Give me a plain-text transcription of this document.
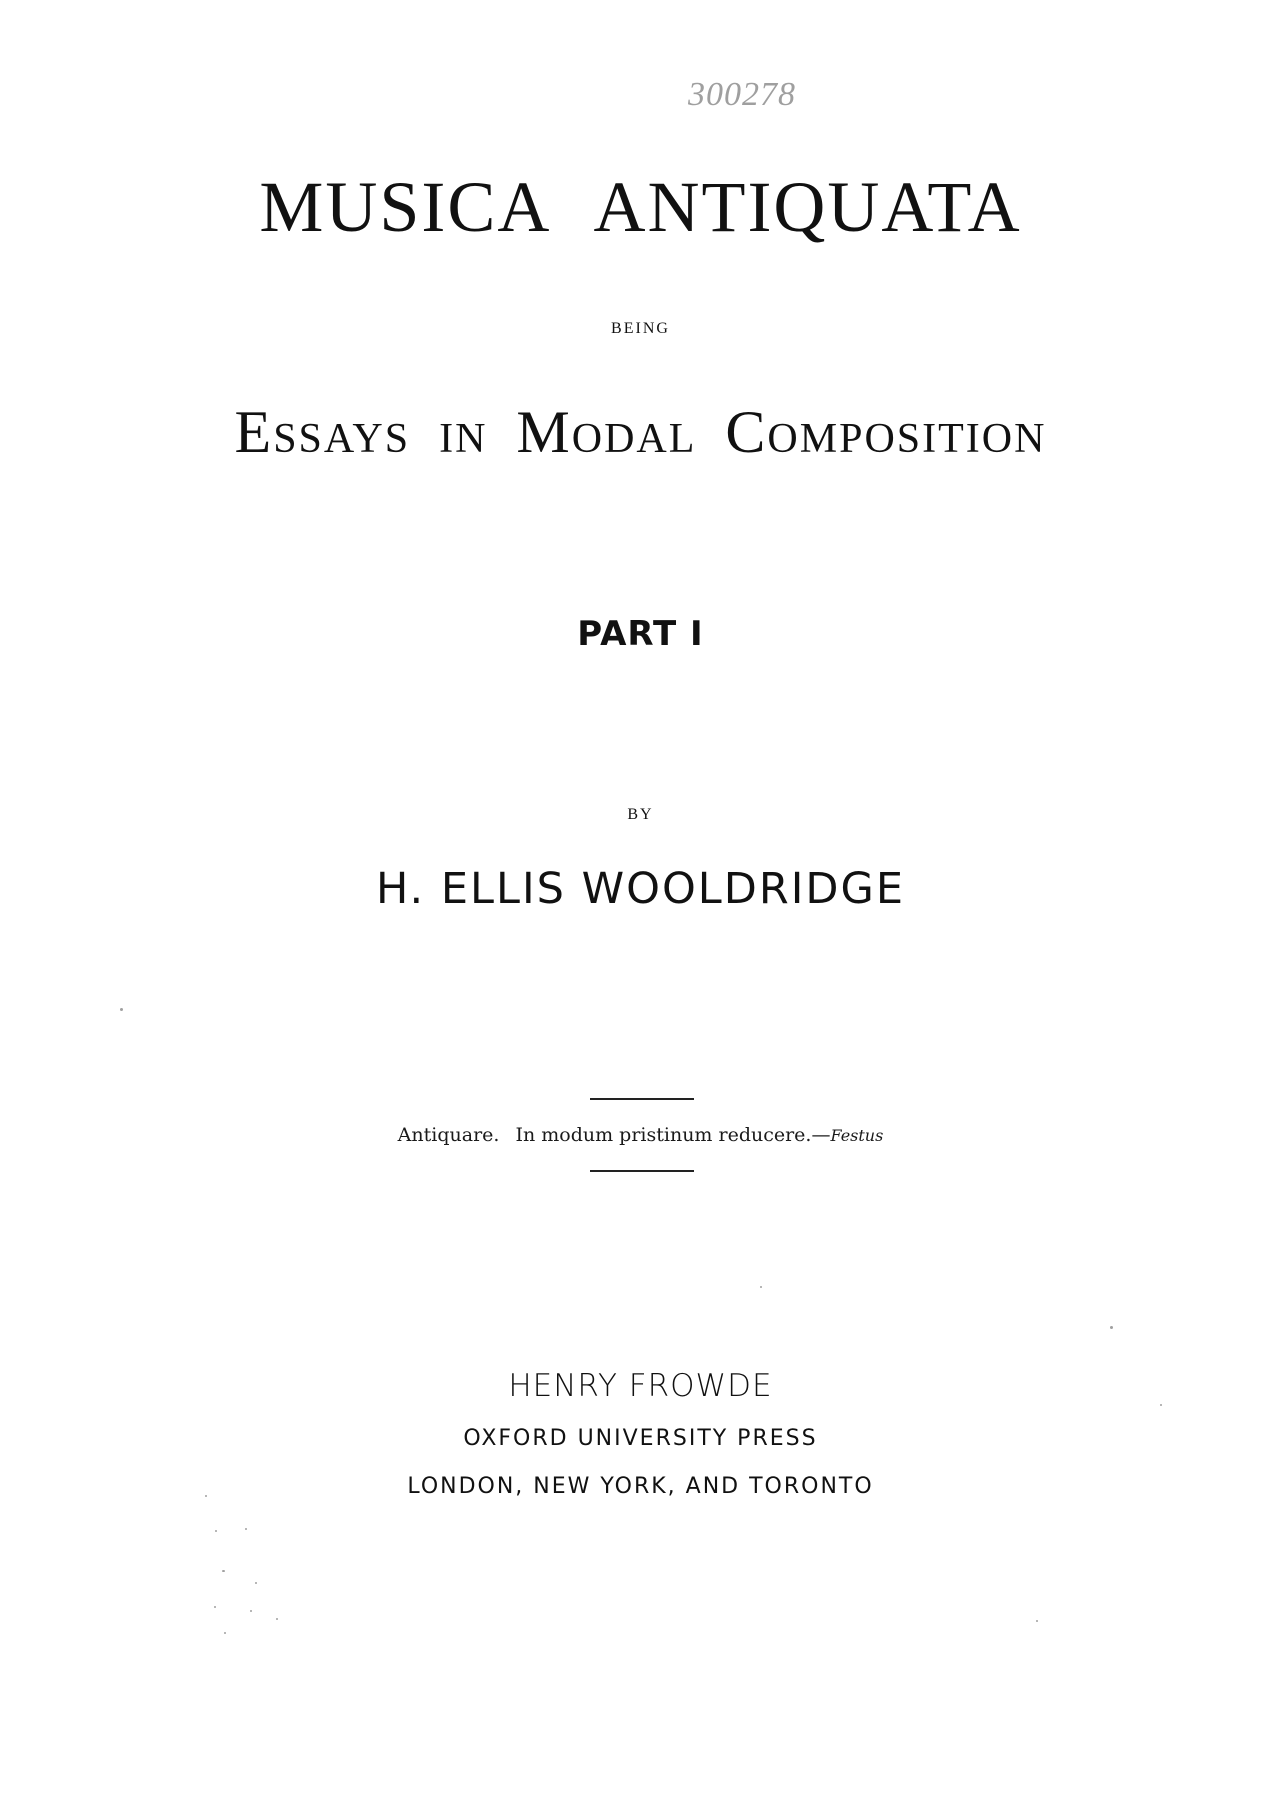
300278
MUSICA ANTIQUATA
BEING
Essays in Modal Composition
PART I
BY
H. ELLIS WOOLDRIDGE
Antiquare. In modum pristinum reducere.—Festus
HENRY FROWDE
OXFORD UNIVERSITY PRESS
LONDON, NEW YORK, AND TORONTO
